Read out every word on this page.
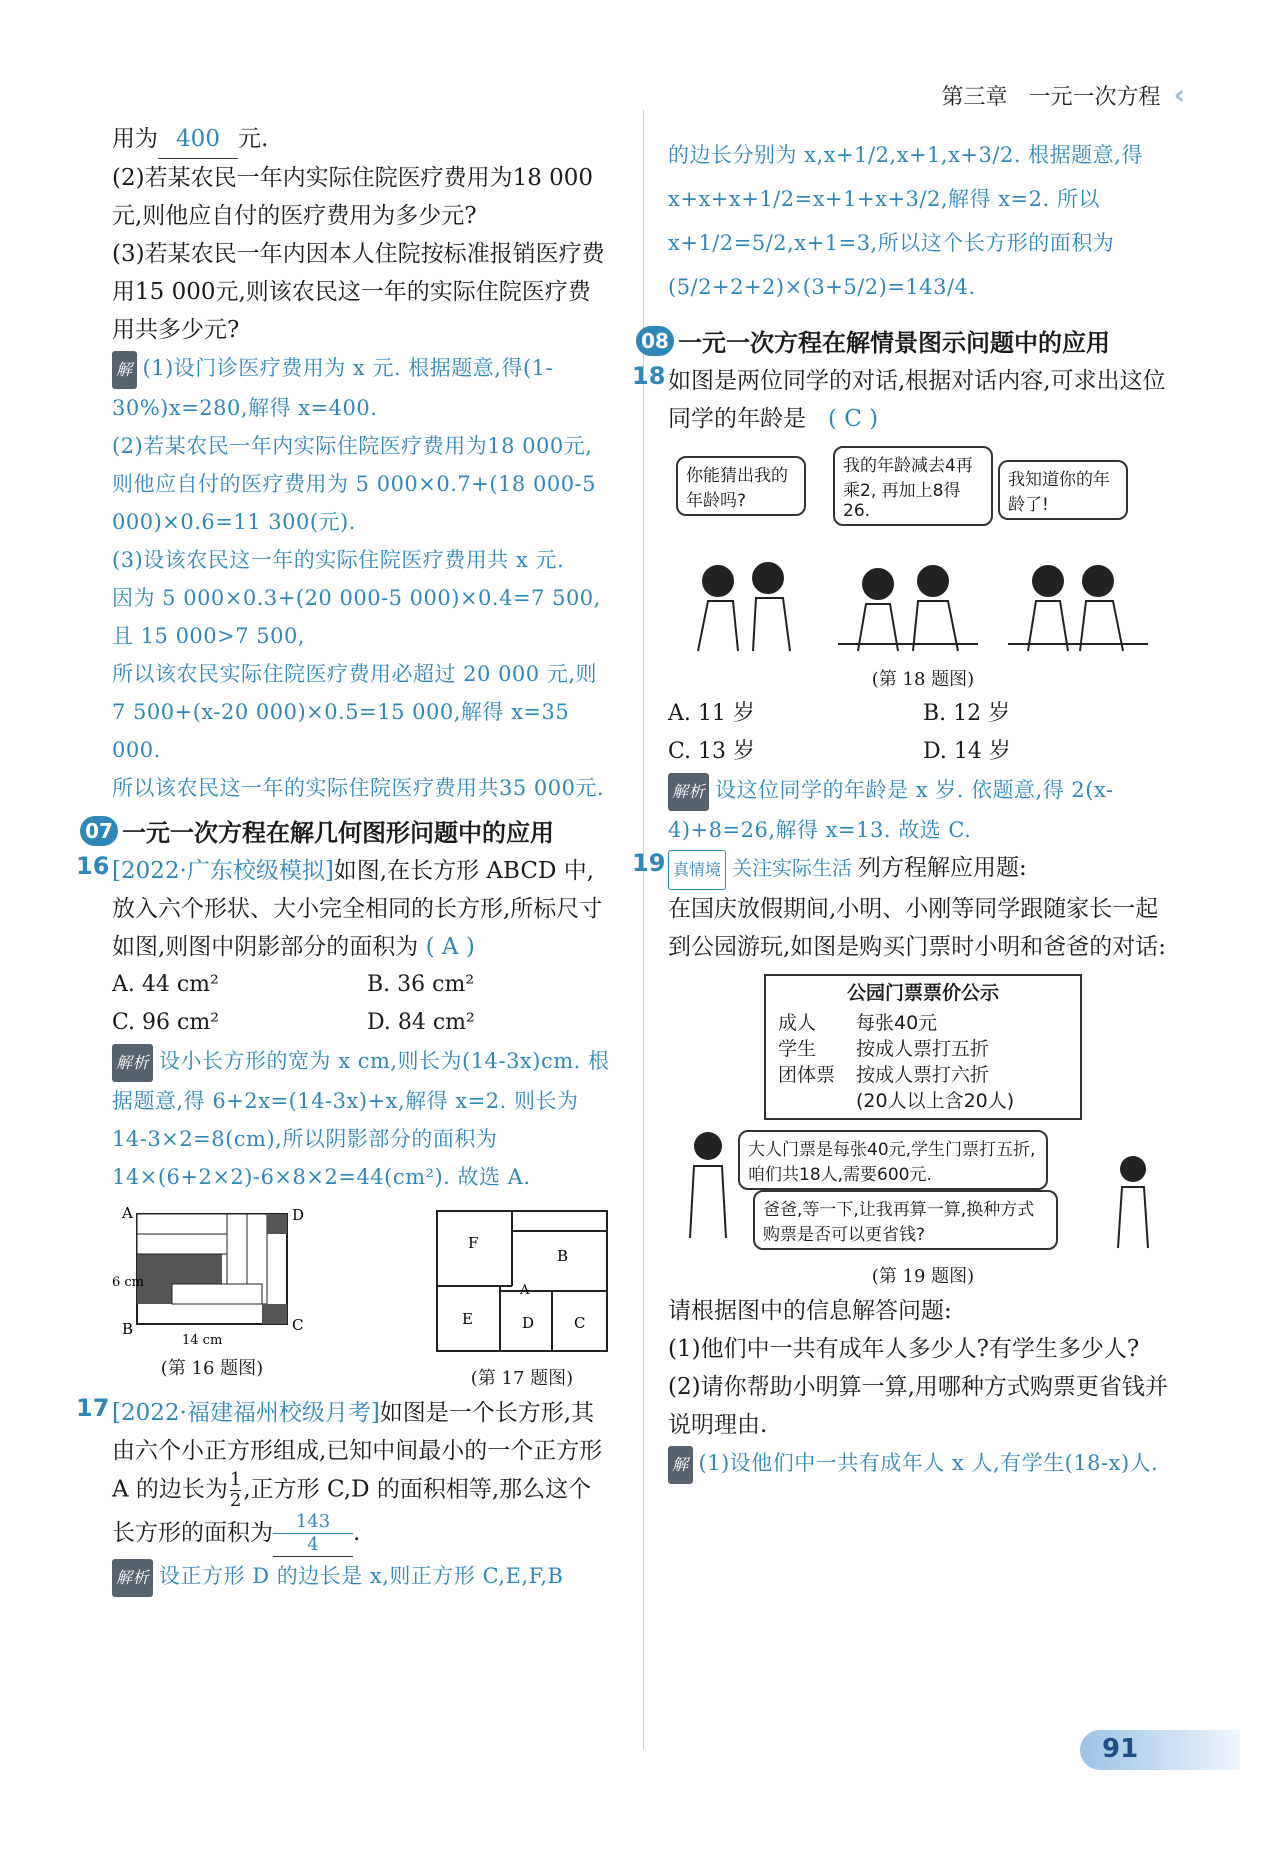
第三章 一元一次方程 ‹

用为 400 元.

(2)若某农民一年内实际住院医疗费用为18 000元,则他应自付的医疗费用为多少元?

(3)若某农民一年内因本人住院按标准报销医疗费用15 000元,则该农民这一年的实际住院医疗费用共多少元?

解 (1)设门诊医疗费用为 x 元. 根据题意,得(1-30%)x=280,解得 x=400.

(2)若某农民一年内实际住院医疗费用为18 000元,则他应自付的医疗费用为 5 000×0.7+(18 000-5 000)×0.6=11 300(元).

(3)设该农民这一年的实际住院医疗费用共 x 元.

因为 5 000×0.3+(20 000-5 000)×0.4=7 500,且 15 000>7 500,

所以该农民实际住院医疗费用必超过 20 000 元,则 7 500+(x-20 000)×0.5=15 000,解得 x=35 000.

所以该农民这一年的实际住院医疗费用共35 000元.

07 一元一次方程在解几何图形问题中的应用
16 [2022·广东校级模拟]如图,在长方形 ABCD 中,放入六个形状、大小完全相同的长方形,所标尺寸如图,则图中阴影部分的面积为 ( A )

A. 44 cm²	B. 36 cm²
C. 96 cm²	D. 84 cm²

解析 设小长方形的宽为 x cm,则长为(14-3x)cm. 根据题意,得 6+2x=(14-3x)+x,解得 x=2. 则长为 14-3×2=8(cm),所以阴影部分的面积为 14×(6+2×2)-6×8×2=44(cm²). 故选 A.

A	D
B	C
6 cm
14 cm
(第 16 题图)
F
B
A
E	D	C
(第 17 题图)
17 [2022·福建福州校级月考]如图是一个长方形,其由六个小正方形组成,已知中间最小的一个正方形 A 的边长为 $\frac{1}{2}$ ,正方形 C,D 的面积相等,那么这个长方形的面积为 $\frac{143}{4}$ .

解析 设正方形 D 的边长是 x,则正方形 C,E,F,B

的边长分别为 x,x+1/2,x+1,x+3/2. 根据题意,得 x+x+x+1/2=x+1+x+3/2,解得 x=2. 所以 x+1/2=5/2,x+1=3,所以这个长方形的面积为(5/2+2+2)×(3+5/2)=143/4.

08 一元一次方程在解情景图示问题中的应用
18 如图是两位同学的对话,根据对话内容,可求出这位同学的年龄是 ( C )

你能猜出我的年龄吗?
我的年龄减去4再乘2, 再加上8得26.
我知道你的年龄了!
(第 18 题图)
A. 11 岁	B. 12 岁
C. 13 岁	D. 14 岁

解析 设这位同学的年龄是 x 岁. 依题意,得 2(x-4)+8=26,解得 x=13. 故选 C.

19 真情境 关注实际生活 列方程解应用题:

在国庆放假期间,小明、小刚等同学跟随家长一起到公园游玩,如图是购买门票时小明和爸爸的对话:

公园门票票价公示
成人	每张40元
学生	按成人票打五折
团体票	按成人票打六折
(20人以上含20人)
大人门票是每张40元,学生门票打五折,咱们共18人,需要600元.
爸爸,等一下,让我再算一算,换种方式购票是否可以更省钱?
(第 19 题图)

请根据图中的信息解答问题:

(1)他们中一共有成年人多少人?有学生多少人?

(2)请你帮助小明算一算,用哪种方式购票更省钱并说明理由.

解 (1)设他们中一共有成年人 x 人,有学生(18-x)人.

91
